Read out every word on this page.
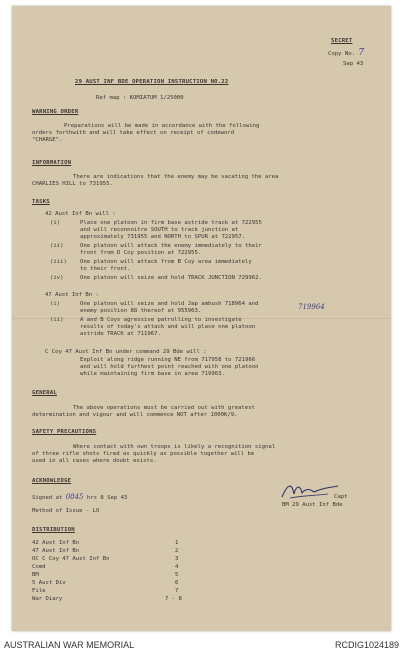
SECRET
Copy No. 7
Sep 43
29 AUST INF BDE OPERATION INSTRUCTION NO.22
Ref map : KOMIATUM 1/25000
WARNING ORDER
Preparations will be made in accordance with the following
orders forthwith and will take effect on receipt of codeword
"CHARGE".
INFORMATION
There are indications that the enemy may be vacating the area
CHARLIES HILL to 731955.
TASKS
42 Aust Inf Bn will :
(i)	Place one platoon in firm base astride track at 722955
and will reconnoitre SOUTH to track junction at
approximately 731955 and NORTH to SPUR at 722957.
(ii)	One platoon will attack the enemy immediately to their
front from D Coy position at 722955.
(iii) One platoon will attack from B Coy area immediately
to their front.
(iv)	One platoon will seize and hold TRACK JUNCTION 729962.
47 Aust Inf Bn :
(i)	One platoon will seize and hold Jap ambush 718964 and
enemy position 88 thereof at 955963.	719964
(ii)	A and B Coys agressive patrolling to investigate
results of today's attack and will place one platoon
astride TRACK at 711967.
C Coy 47 Aust Inf Bn under command 29 Bde will :
Exploit along ridge running NE from 717958 to 721966
and will hold furthest point reached with one platoon
while maintaining firm base in area 719963.
GENERAL
The above operations must be carried out with greatest
determination and vigour and will commence NOT after 1000K/9.
SAFETY PRECAUTIONS
Where contact with own troops is likely a recognition signal
of three rifle shots fired as quickly as possible together will be
used in all cases where doubt exists.
ACKNOWLEDGE
Signed at 0845 hrs 8 Sep 43
Method of Issue - LO
Capt
BM 29 Aust Inf Bde
DISTRIBUTION
42 Aust Inf Bn	1
47 Aust Inf Bn	2
OC C Coy 47 Aust Inf Bn	3
Comd	4
BM	5
5 Aust Div	6
File	7
War Diary	7 - 8
AUSTRALIAN WAR MEMORIAL	RCDIG1024189
